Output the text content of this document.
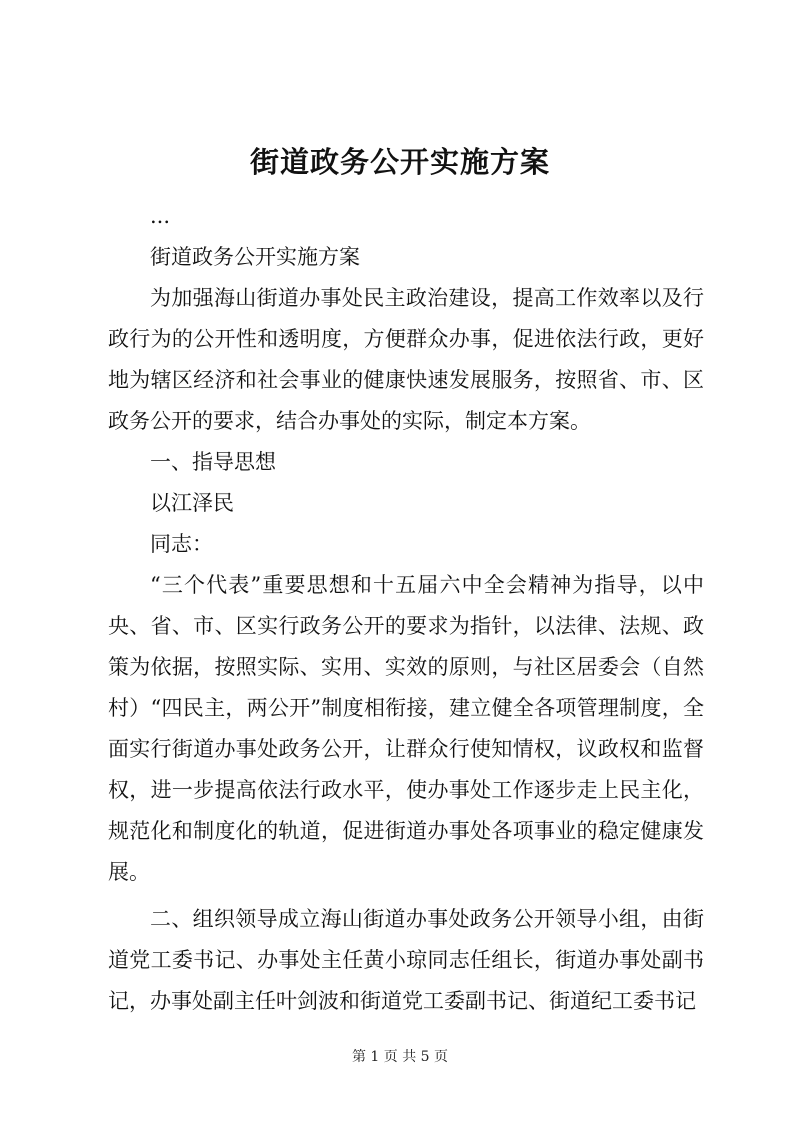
街道政务公开实施方案

...

街道政务公开实施方案

为加强海山街道办事处民主政治建设，提高工作效率以及行政行为的公开性和透明度，方便群众办事，促进依法行政，更好地为辖区经济和社会事业的健康快速发展服务，按照省、市、区政务公开的要求，结合办事处的实际，制定本方案。

一、指导思想

以江泽民

同志：

“三个代表”重要思想和十五届六中全会精神为指导，以中央、省、市、区实行政务公开的要求为指针，以法律、法规、政策为依据，按照实际、实用、实效的原则，与社区居委会（自然村）“四民主，两公开”制度相衔接，建立健全各项管理制度，全面实行街道办事处政务公开，让群众行使知情权，议政权和监督权，进一步提高依法行政水平，使办事处工作逐步走上民主化，规范化和制度化的轨道，促进街道办事处各项事业的稳定健康发展。

二、组织领导成立海山街道办事处政务公开领导小组，由街道党工委书记、办事处主任黄小琼同志任组长，街道办事处副书记，办事处副主任叶剑波和街道党工委副书记、街道纪工委书记

第 1 页 共 5 页
